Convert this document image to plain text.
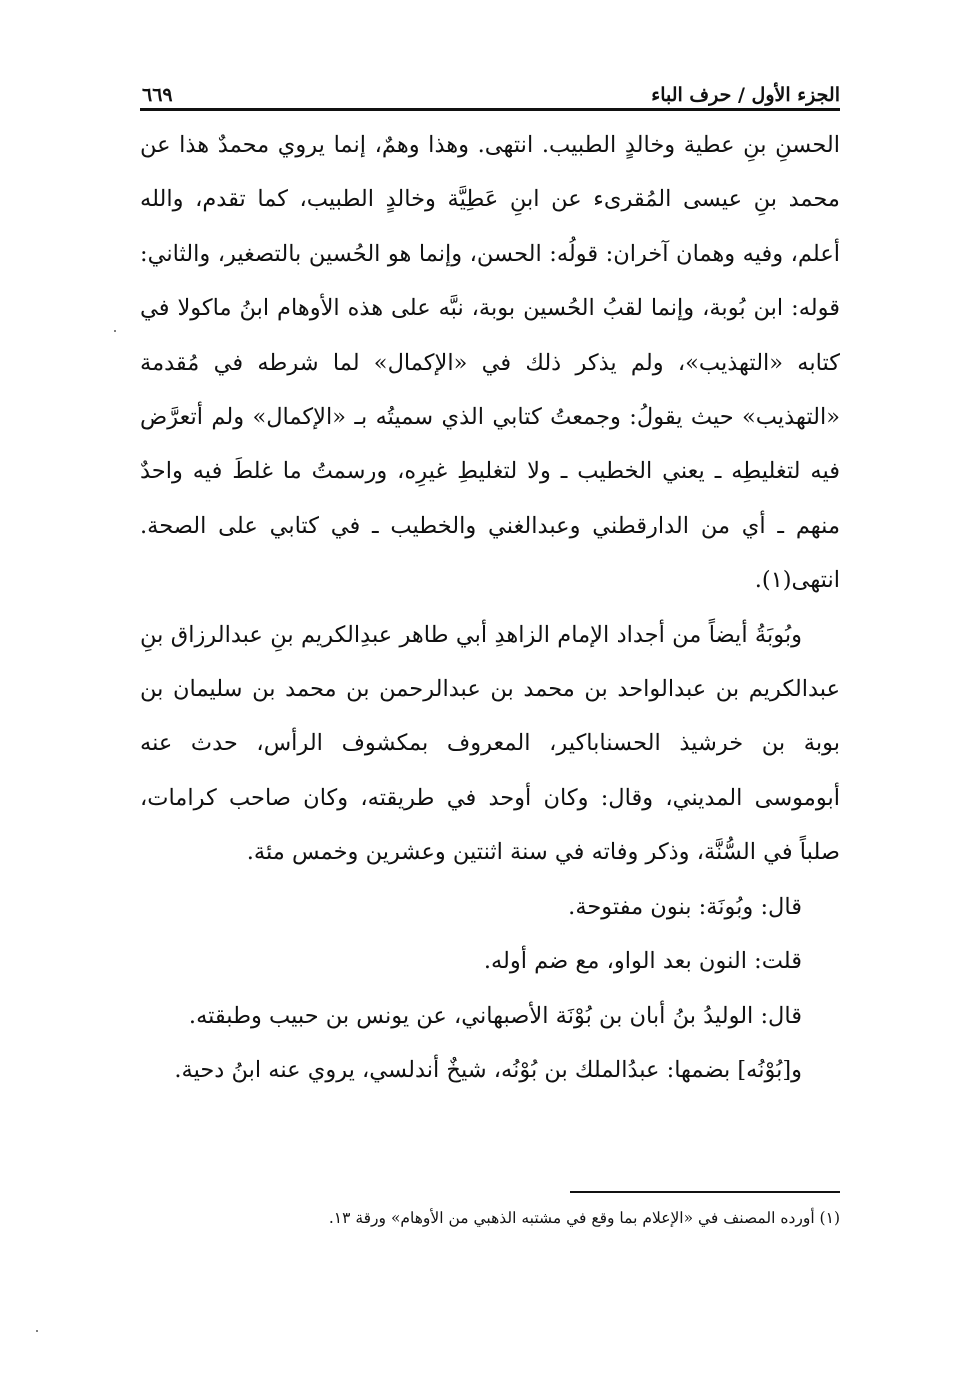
الجزء الأول / حرف الباء
٦٦٩

الحسنِ بنِ عطية وخالدٍ الطبيب. انتهى. وهذا وهمٌ، إنما يروي محمدٌ هذا عن محمد بنِ عيسى المُقرىء عن ابنِ عَطِيَّة وخالدٍ الطبيب، كما تقدم، والله أعلم، وفيه وهمان آخران: قولُه: الحسن، وإنما هو الحُسين بالتصغير، والثاني: قوله: ابن بُوبة، وإنما لقبُ الحُسين بوبة، نبَّه على هذه الأوهام ابنُ ماكولا في كتابه «التهذيب»، ولم يذكر ذلك في «الإكمال» لما شرطه في مُقدمة «التهذيب» حيث يقولُ: وجمعتُ كتابي الذي سميتُه بـ «الإكمال» ولم أتعرَّض فيه لتغليطِه ـ يعني الخطيب ـ ولا لتغليطِ غيرِه، ورسمتُ ما غلطَ فيه واحدٌ منهم ـ أي من الدارقطني وعبدالغني والخطيب ـ في كتابي على الصحة. انتهى(١).

وبُوبَةُ أيضاً من أجداد الإمام الزاهدِ أبي طاهر عبدِالكريم بنِ عبدالرزاق بنِ عبدالكريم بن عبدالواحد بن محمد بن عبدالرحمن بن محمد بن سليمان بن بوبة بن خرشيذ الحسناباكير، المعروف بمكشوف الرأس، حدث عنه أبوموسى المديني، وقال: وكان أوحد في طريقته، وكان صاحب كرامات، صلباً في السُّنَّة، وذكر وفاته في سنة اثنتين وعشرين وخمس مئة.

قال: وبُونَة: بنون مفتوحة.

قلت: النون بعد الواو، مع ضم أوله.

قال: الوليدُ بنُ أبان بن بُوْنَة الأصبهاني، عن يونس بن حبيب وطبقته.

و[بُوْنُه] بضمها: عبدُالملك بن بُوْنُه، شيخٌ أندلسي، يروي عنه ابنُ دحية.

(١) أورده المصنف في «الإعلام بما وقع في مشتبه الذهبي من الأوهام» ورقة ١٣.
